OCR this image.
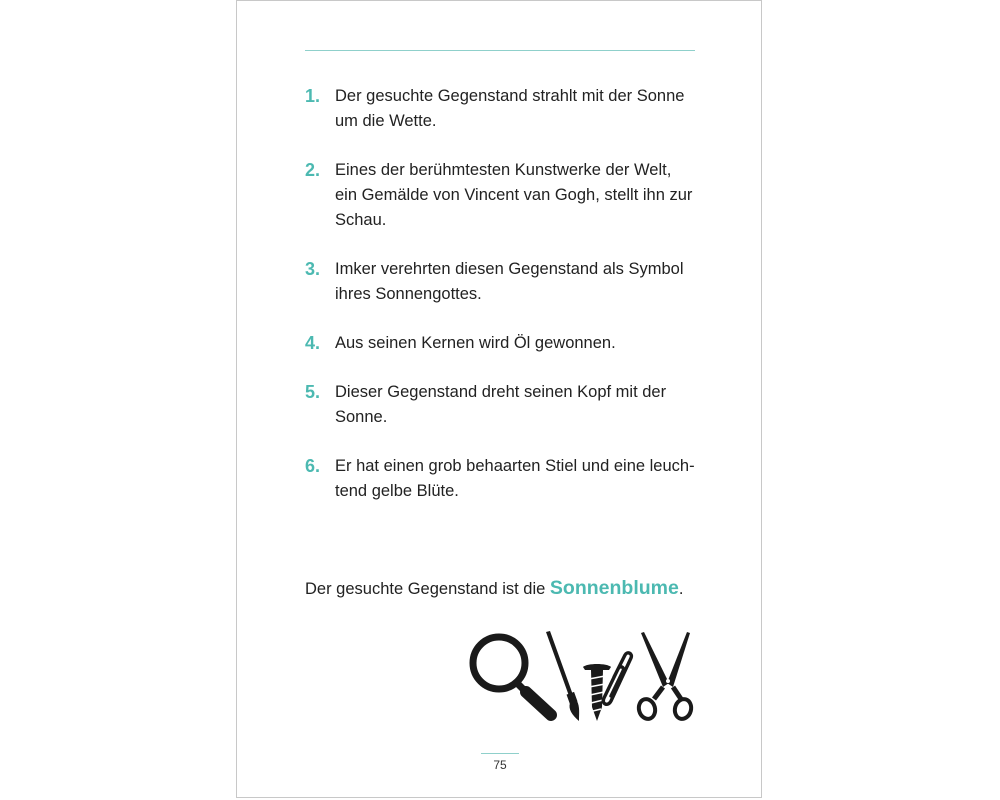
1. Der gesuchte Gegenstand strahlt mit der Sonne um die Wette.
2. Eines der berühmtesten Kunstwerke der Welt, ein Gemälde von Vincent van Gogh, stellt ihn zur Schau.
3. Imker verehrten diesen Gegenstand als Symbol ihres Sonnengottes.
4. Aus seinen Kernen wird Öl gewonnen.
5. Dieser Gegenstand dreht seinen Kopf mit der Sonne.
6. Er hat einen grob behaarten Stiel und eine leuch-tend gelbe Blüte.
Der gesuchte Gegenstand ist die Sonnenblume.
75
